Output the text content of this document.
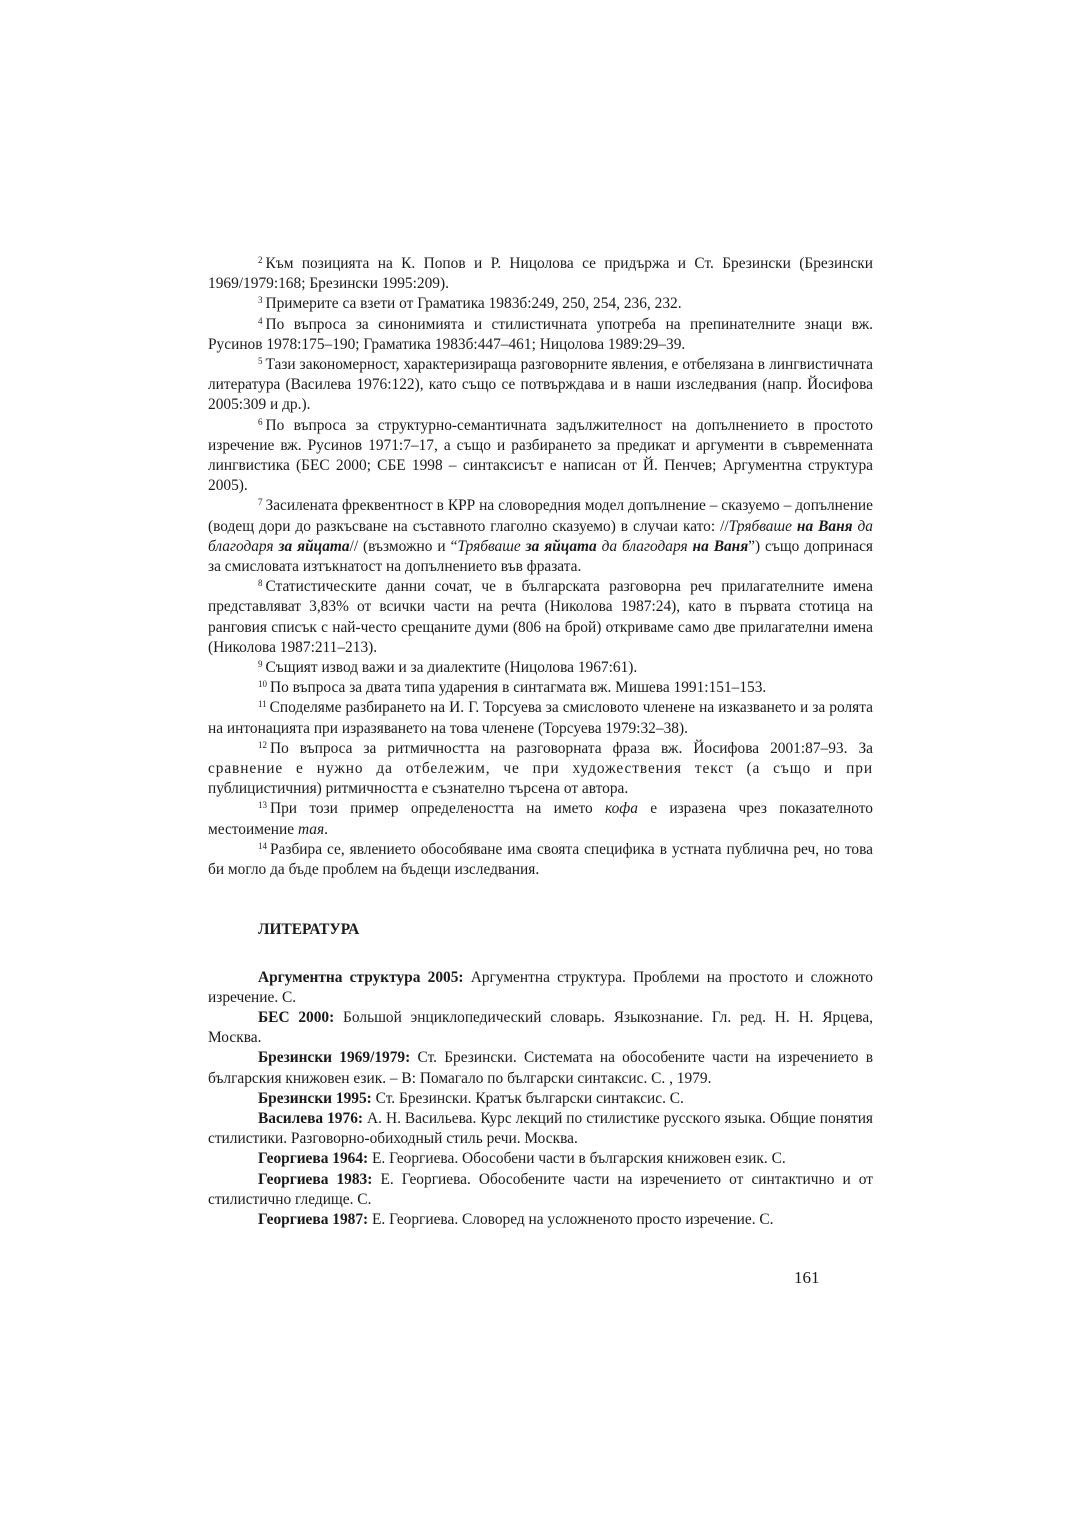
$^2$ Към позицията на К. Попов и Р. Ницолова се придържа и Ст. Брезински (Брезински 1969/1979:168; Брезински 1995:209).

$^3$ Примерите са взети от Граматика 1983б:249, 250, 254, 236, 232.

$^4$ По въпроса за синонимията и стилистичната употреба на препинателните знаци вж. Русинов 1978:175–190; Граматика 1983б:447–461; Ницолова 1989:29–39.

$^5$ Тази закономерност, характеризираща разговорните явления, е отбелязана в лингвистичната литература (Василева 1976:122), като също се потвърждава и в наши изследвания (напр. Йосифова 2005:309 и др.).

$^6$ По въпроса за структурно-семантичната задължителност на допълнението в простото изречение вж. Русинов 1971:7–17, а също и разбирането за предикат и аргументи в съвременната лингвистика (БЕС 2000; СБЕ 1998 – синтаксисът е написан от Й. Пенчев; Аргументна структура 2005).

$^7$ Засилената фреквентност в КРР на словоредния модел допълнение – сказуемо – допълнение (водещ дори до разкъсване на съставното глаголно сказуемо) в случаи като: //Трябваше на Ваня да благодаря за яйцата// (възможно и “Трябваше за яйцата да благодаря на Ваня”) също допринася за смисловата изтъкнатост на допълнението във фразата.

$^8$ Статистическите данни сочат, че в българската разговорна реч прилагателните имена представляват 3,83% от всички части на речта (Николова 1987:24), като в първата стотица на ранговия списък с най-често срещаните думи (806 на брой) откриваме само две прилагателни имена (Николова 1987:211–213).

$^9$ Същият извод важи и за диалектите (Ницолова 1967:61).

$^{10}$ По въпроса за двата типа ударения в синтагмата вж. Мишева 1991:151–153.

$^{11}$ Споделяме разбирането на И. Г. Торсуева за смисловото членене на изказването и за ролята на интонацията при изразяването на това членене (Торсуева 1979:32–38).

$^{12}$ По въпроса за ритмичността на разговорната фраза вж. Йосифова 2001:87–93. За сравнение е нужно да отбележим, че при художествения текст (а също и при публицистичния) ритмичността е съзнателно търсена от автора.

$^{13}$ При този пример определеността на името кофа е изразена чрез показателното местоимение тая.

$^{14}$ Разбира се, явлението обособяване има своята специфика в устната публична реч, но това би могло да бъде проблем на бъдещи изследвания.

ЛИТЕРАТУРА

Аргументна структура 2005: Аргументна структура. Проблеми на простото и сложното изречение. С.

БЕС 2000: Большой энциклопедический словарь. Языкознание. Гл. ред. Н. Н. Ярцева, Москва.

Брезински 1969/1979: Ст. Брезински. Системата на обособените части на изречението в българския книжовен език. – В: Помагало по български синтаксис. С. , 1979.

Брезински 1995: Ст. Брезински. Кратък български синтаксис. С.

Василева 1976: А. Н. Васильева. Курс лекций по стилистике русского языка. Общие понятия стилистики. Разговорно-обиходный стиль речи. Москва.

Георгиева 1964: Е. Георгиева. Обособени части в българския книжовен език. С.

Георгиева 1983: Е. Георгиева. Обособените части на изречението от синтактично и от стилистично гледище. С.

Георгиева 1987: Е. Георгиева. Словоред на усложненото просто изречение. С.

161
